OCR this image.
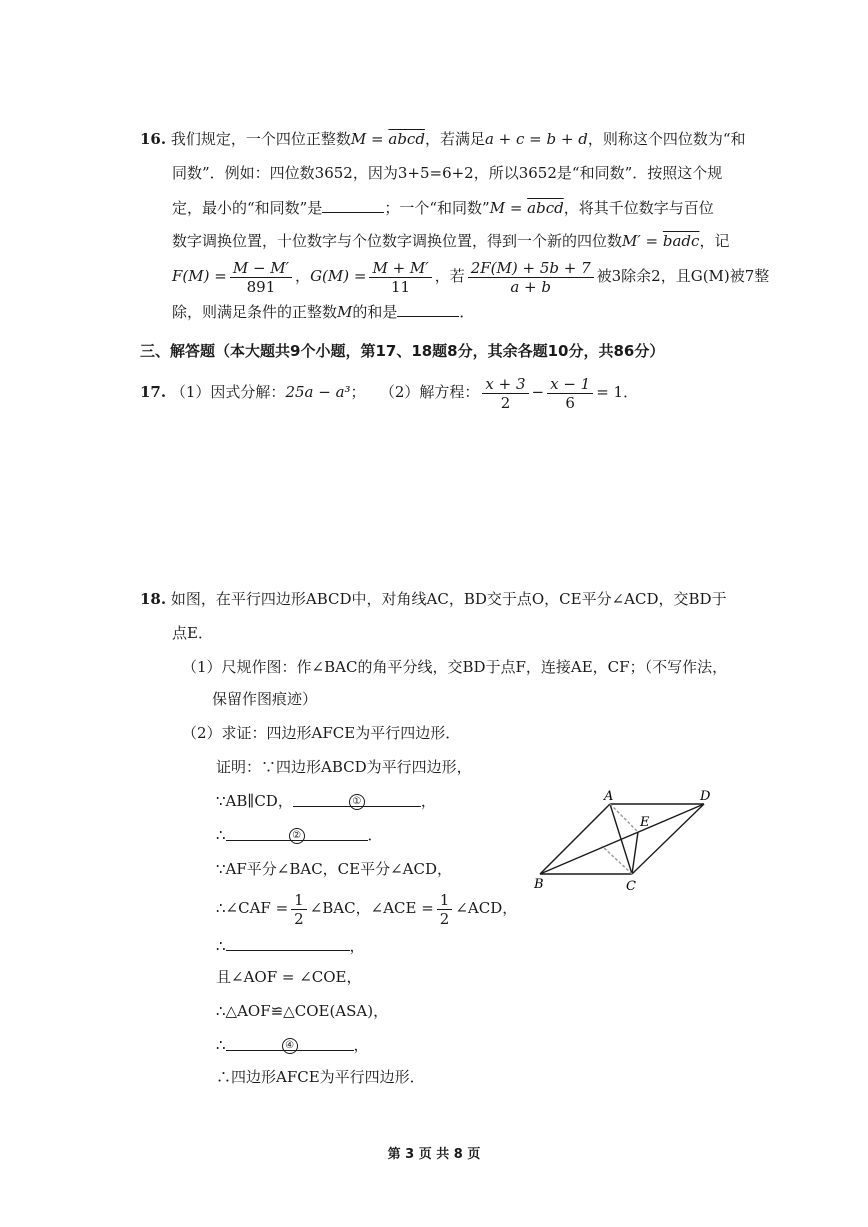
16. 我们规定，一个四位正整数M = abcd，若满足a + c = b + d，则称这个四位数为“和
同数”．例如：四位数3652，因为3+5=6+2，所以3652是“和同数”．按照这个规
定，最小的“和同数”是	；一个“和同数”M = abcd，将其千位数字与百位
数字调换位置，十位数字与个位数字调换位置，得到一个新的四位数M′ = badc，记
$F(M) = \frac{M - M'}{891}$ ，$G(M) = \frac{M + M'}{11}$ ，若 $\frac{2F(M) + 5b + 7}{a + b}$ 被3除余2，且G(M)被7整
除，则满足条件的正整数M的和是	．
三、解答题（本大题共9个小题，第17、18题8分，其余各题10分，共86分）
17. （1）因式分解：25a − a³； （2）解方程： $\frac{x + 3}{2} - \frac{x - 1}{6} = 1$．
18. 如图，在平行四边形ABCD中，对角线AC，BD交于点O，CE平分∠ACD，交BD于
点E．
（1）尺规作图：作∠BAC的角平分线，交BD于点F，连接AE，CF；（不写作法，
保留作图痕迹）
（2）求证：四边形AFCE为平行四边形．
证明：∵四边形ABCD为平行四边形，
∵AB∥CD，	①	，
∴	②	．
∵AF平分∠BAC，CE平分∠ACD，
∴∠CAF = $\frac{1}{2}$ ∠BAC，∠ACE = $\frac{1}{2}$ ∠ACD，
∴	，
且∠AOF = ∠COE，
∴△AOF≌△COE(ASA)，
∴	④	，
∴四边形AFCE为平行四边形．
A	D
B	C
E
第 3 页 共 8 页
